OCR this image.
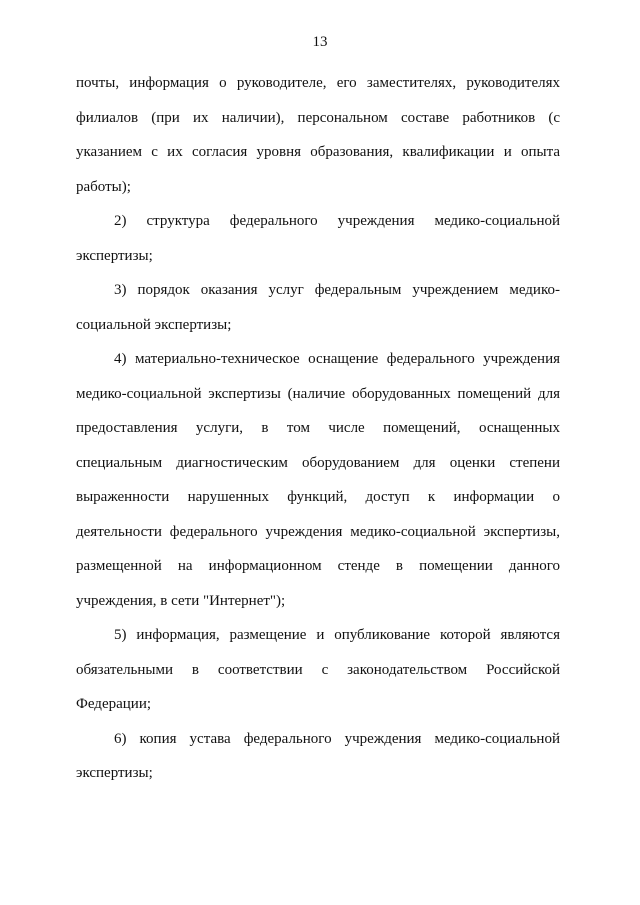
13

почты, информация о руководителе, его заместителях, руководителях филиалов (при их наличии), персональном составе работников (с указанием с их согласия уровня образования, квалификации и опыта работы);

2) структура федерального учреждения медико-социальной экспертизы;

3) порядок оказания услуг федеральным учреждением медико-социальной экспертизы;

4) материально-техническое оснащение федерального учреждения медико-социальной экспертизы (наличие оборудованных помещений для предоставления услуги, в том числе помещений, оснащенных специальным диагностическим оборудованием для оценки степени выраженности нарушенных функций, доступ к информации о деятельности федерального учреждения медико-социальной экспертизы, размещенной на информационном стенде в помещении данного учреждения, в сети "Интернет");

5) информация, размещение и опубликование которой являются обязательными в соответствии с законодательством Российской Федерации;

6) копия устава федерального учреждения медико-социальной экспертизы;
